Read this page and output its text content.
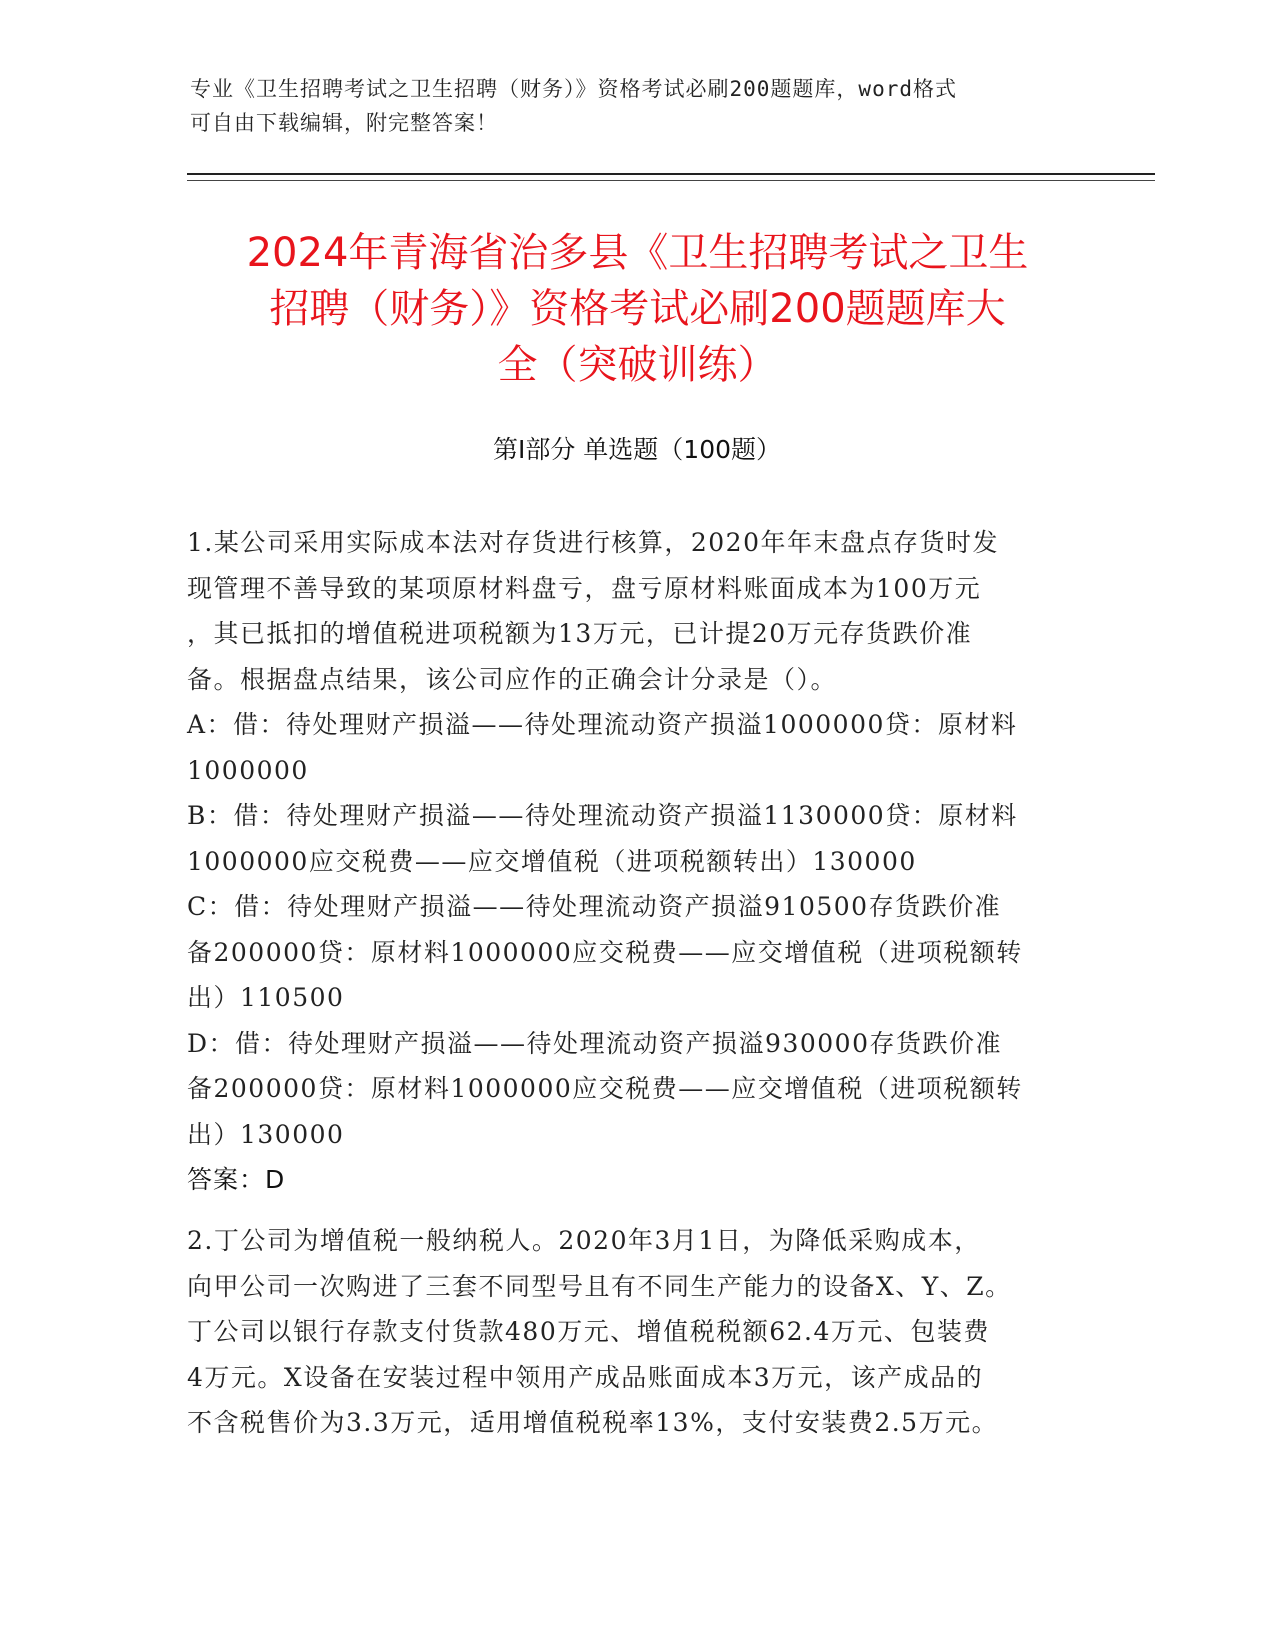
专业《卫生招聘考试之卫生招聘（财务）》资格考试必刷200题题库，word格式
可自由下载编辑，附完整答案！
2024年青海省治多县《卫生招聘考试之卫生
招聘（财务）》资格考试必刷200题题库大
全（突破训练）
第Ⅰ部分 单选题（100题）
1.某公司采用实际成本法对存货进行核算，2020年年末盘点存货时发
现管理不善导致的某项原材料盘亏，盘亏原材料账面成本为100万元
，其已抵扣的增值税进项税额为13万元，已计提20万元存货跌价准
备。根据盘点结果，该公司应作的正确会计分录是（）。
A：借：待处理财产损溢——待处理流动资产损溢1000000贷：原材料
1000000
B：借：待处理财产损溢——待处理流动资产损溢1130000贷：原材料
1000000应交税费——应交增值税（进项税额转出）130000
C：借：待处理财产损溢——待处理流动资产损溢910500存货跌价准
备200000贷：原材料1000000应交税费——应交增值税（进项税额转
出）110500
D：借：待处理财产损溢——待处理流动资产损溢930000存货跌价准
备200000贷：原材料1000000应交税费——应交增值税（进项税额转
出）130000
答案：D
2.丁公司为增值税一般纳税人。2020年3月1日，为降低采购成本，
向甲公司一次购进了三套不同型号且有不同生产能力的设备X、Y、Z。
丁公司以银行存款支付货款480万元、增值税税额62.4万元、包装费
4万元。X设备在安装过程中领用产成品账面成本3万元，该产成品的
不含税售价为3.3万元，适用增值税税率13%，支付安装费2.5万元。
